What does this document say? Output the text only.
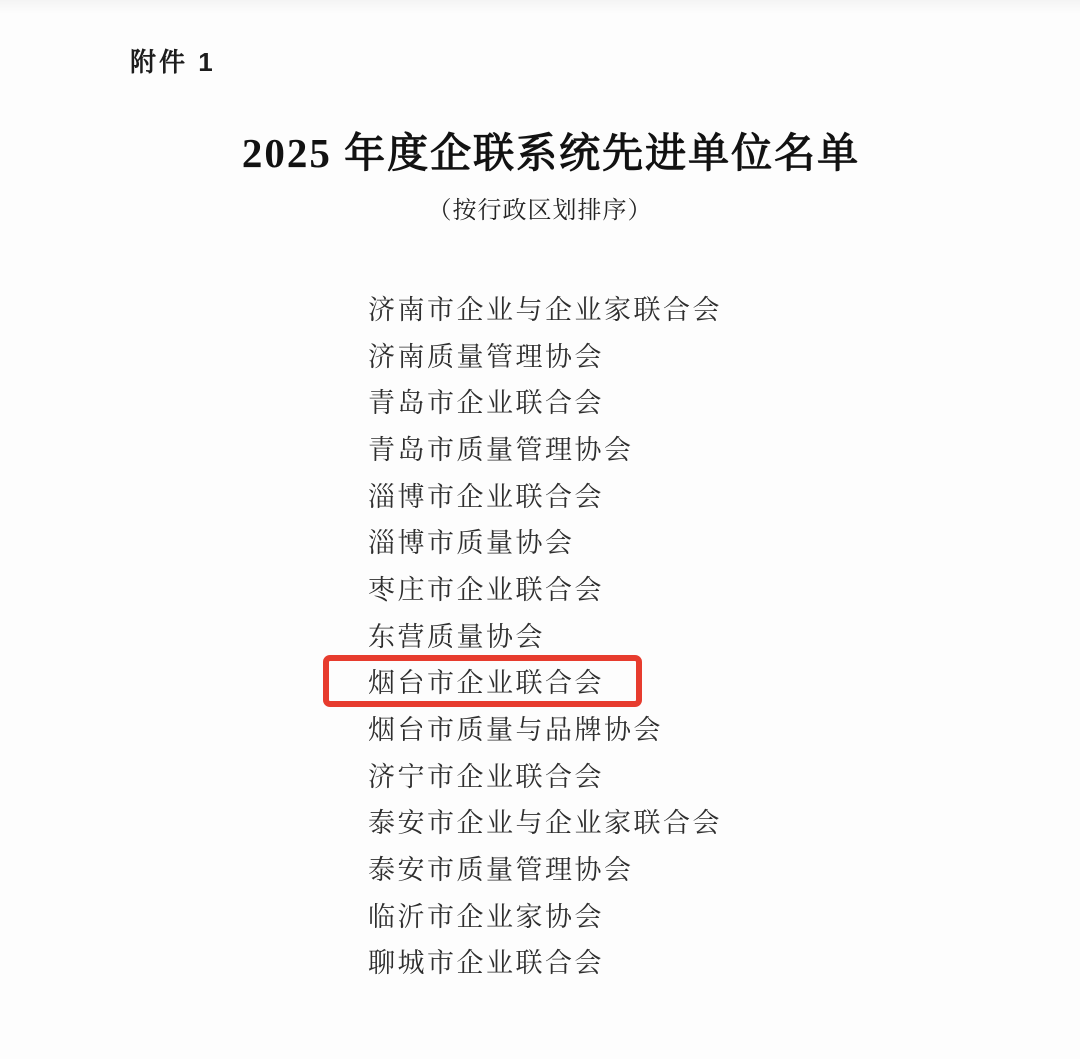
附件 1
2025 年度企联系统先进单位名单
（按行政区划排序）
济南市企业与企业家联合会
济南质量管理协会
青岛市企业联合会
青岛市质量管理协会
淄博市企业联合会
淄博市质量协会
枣庄市企业联合会
东营质量协会
烟台市企业联合会
烟台市质量与品牌协会
济宁市企业联合会
泰安市企业与企业家联合会
泰安市质量管理协会
临沂市企业家协会
聊城市企业联合会
